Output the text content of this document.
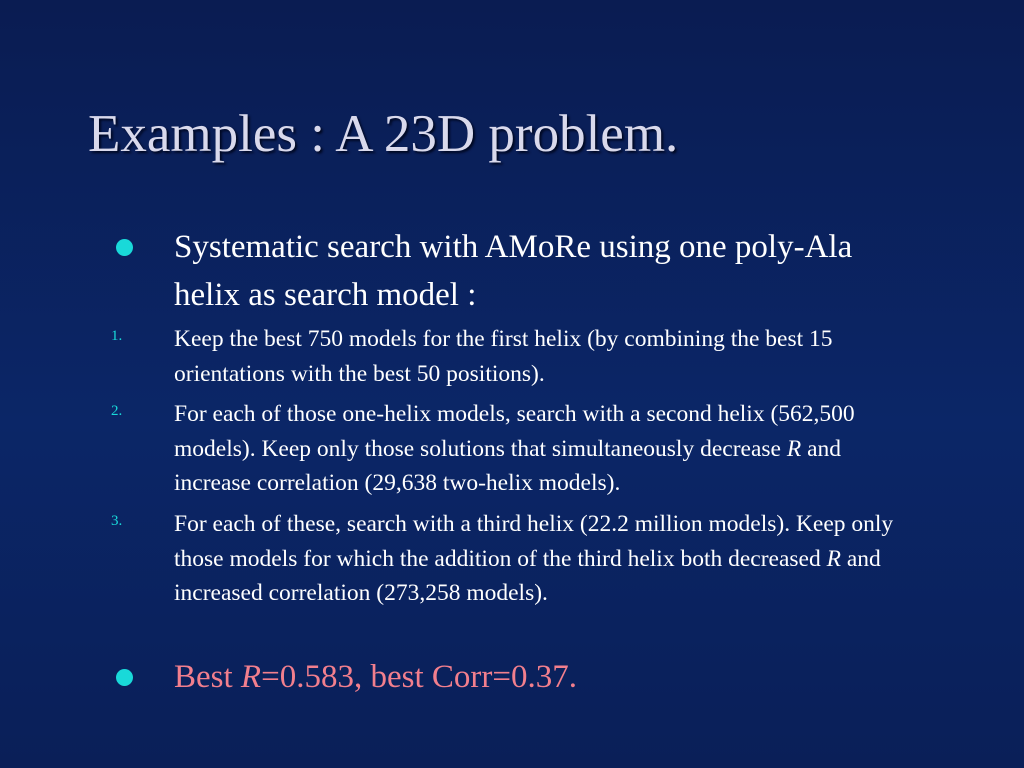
Examples : A 23D problem.
Systematic search with AMoRe using one poly-Ala helix as search model :
1. Keep the best 750 models for the first helix (by combining the best 15 orientations with the best 50 positions).
2. For each of those one-helix models, search with a second helix (562,500 models). Keep only those solutions that simultaneously decrease R and increase correlation (29,638 two-helix models).
3. For each of these, search with a third helix (22.2 million models). Keep only those models for which the addition of the third helix both decreased R and increased correlation (273,258 models).
Best R=0.583, best Corr=0.37.
